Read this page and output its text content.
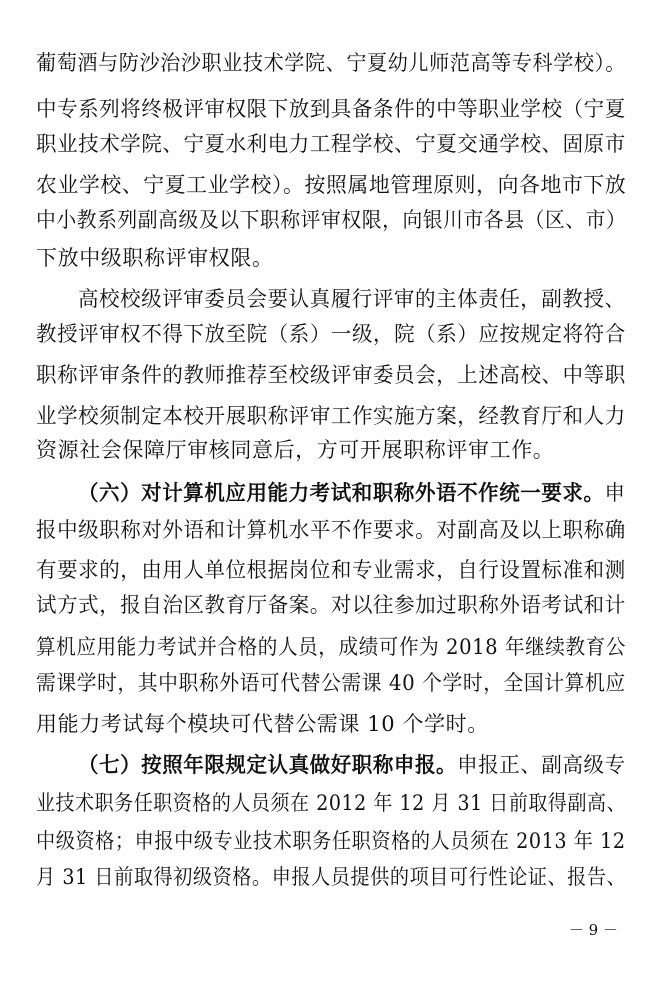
葡萄酒与防沙治沙职业技术学院、宁夏幼儿师范高等专科学校）。
中专系列将终极评审权限下放到具备条件的中等职业学校（宁夏
职业技术学院、宁夏水利电力工程学校、宁夏交通学校、固原市
农业学校、宁夏工业学校）。按照属地管理原则，向各地市下放
中小教系列副高级及以下职称评审权限，向银川市各县（区、市）
下放中级职称评审权限。
高校校级评审委员会要认真履行评审的主体责任，副教授、
教授评审权不得下放至院（系）一级，院（系）应按规定将符合
职称评审条件的教师推荐至校级评审委员会，上述高校、中等职
业学校须制定本校开展职称评审工作实施方案，经教育厅和人力
资源社会保障厅审核同意后，方可开展职称评审工作。
（六）对计算机应用能力考试和职称外语不作统一要求。申
报中级职称对外语和计算机水平不作要求。对副高及以上职称确
有要求的，由用人单位根据岗位和专业需求，自行设置标准和测
试方式，报自治区教育厅备案。对以往参加过职称外语考试和计
算机应用能力考试并合格的人员，成绩可作为 2018 年继续教育公
需课学时，其中职称外语可代替公需课 40 个学时，全国计算机应
用能力考试每个模块可代替公需课 10 个学时。
（七）按照年限规定认真做好职称申报。申报正、副高级专
业技术职务任职资格的人员须在 2012 年 12 月 31 日前取得副高、
中级资格；申报中级专业技术职务任职资格的人员须在 2013 年 12
月 31 日前取得初级资格。申报人员提供的项目可行性论证、报告、
－ 9 －
